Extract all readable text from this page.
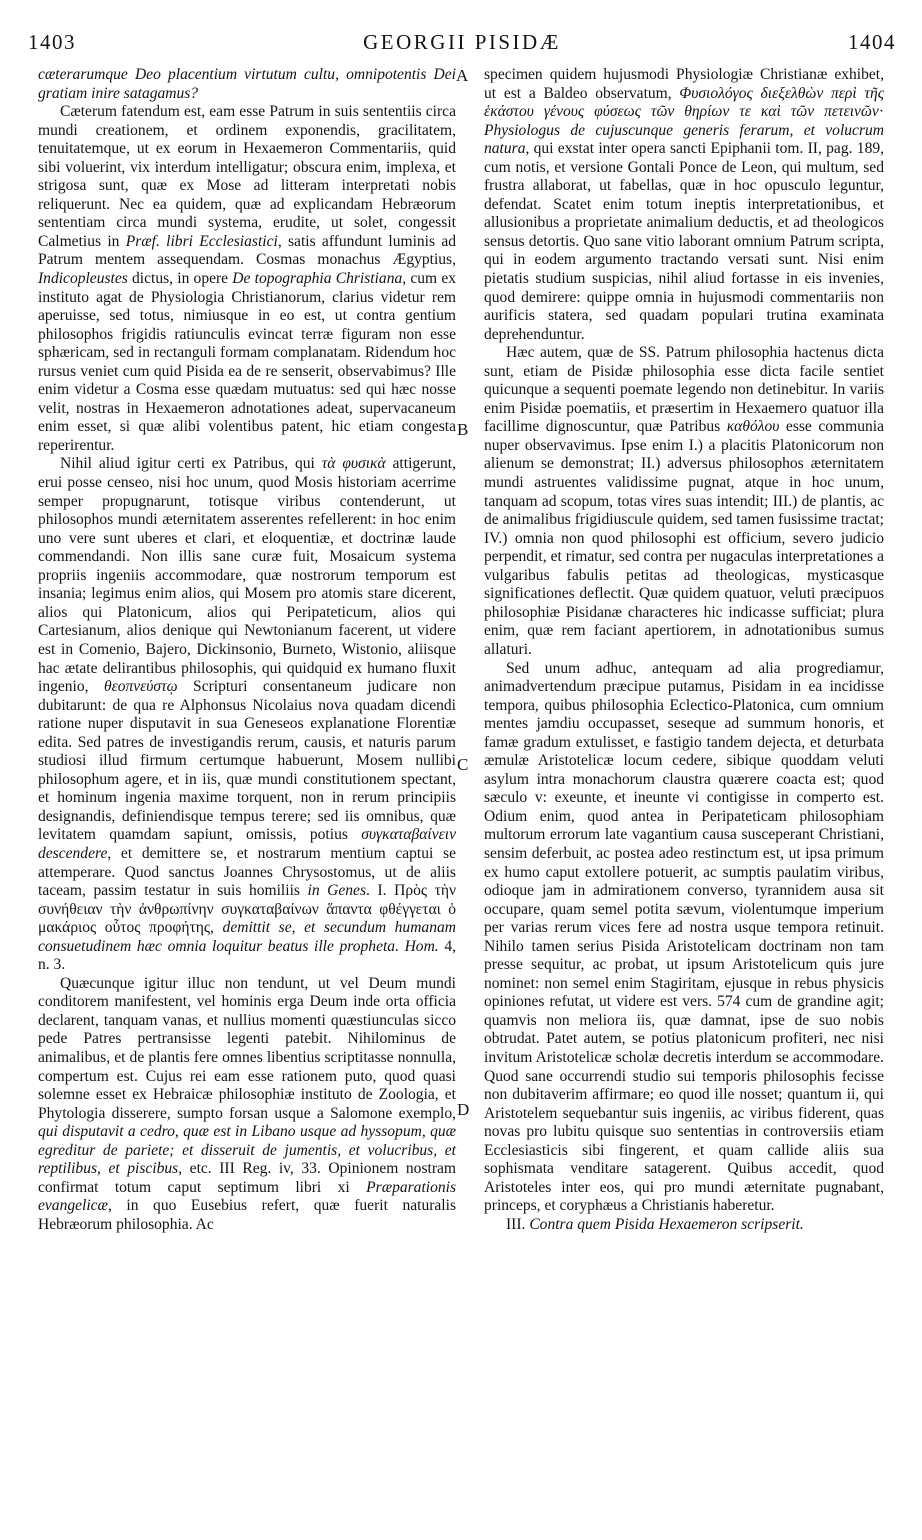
1403	GEORGII PISIDÆ	1404

cæterarumque Deo placentium virtutum cultu, omnipotentis Dei gratiam inire satagamus?

Cæterum fatendum est, eam esse Patrum in suis sententiis circa mundi creationem, et ordinem exponendis, gracilitatem, tenuitatemque, ut ex eorum in Hexaemeron Commentariis, quid sibi voluerint, vix interdum intelligatur; obscura enim, implexa, et strigosa sunt, quæ ex Mose ad litteram interpretati nobis reliquerunt. Nec ea quidem, quæ ad explicandam Hebræorum sententiam circa mundi systema, erudite, ut solet, congessit Calmetius in Præf. libri Ecclesiastici, satis affundunt luminis ad Patrum mentem assequendam. Cosmas monachus Ægyptius, Indicopleustes dictus, in opere De topographia Christiana, cum ex instituto agat de Physiologia Christianorum, clarius videtur rem aperuisse, sed totus, nimiusque in eo est, ut contra gentium philosophos frigidis ratiunculis evincat terræ figuram non esse sphæricam, sed in rectanguli formam complanatam. Ridendum hoc rursus veniet cum quid Pisida ea de re senserit, observabimus? Ille enim videtur a Cosma esse quædam mutuatus: sed qui hæc nosse velit, nostras in Hexaemeron adnotationes adeat, supervacaneum enim esset, si quæ alibi volentibus patent, hic etiam congesta reperirentur.

Nihil aliud igitur certi ex Patribus, qui τὰ φυσικὰ attigerunt, erui posse censeo, nisi hoc unum, quod Mosis historiam acerrime semper propugnarunt, totisque viribus contenderunt, ut philosophos mundi æternitatem asserentes refellerent: in hoc enim uno vere sunt uberes et clari, et eloquentiæ, et doctrinæ laude commendandi. Non illis sane curæ fuit, Mosaicum systema propriis ingeniis accommodare, quæ nostrorum temporum est insania; legimus enim alios, qui Mosem pro atomis stare dicerent, alios qui Platonicum, alios qui Peripateticum, alios qui Cartesianum, alios denique qui Newtonianum facerent, ut videre est in Comenio, Bajero, Dickinsonio, Burneto, Wistonio, aliisque hac ætate delirantibus philosophis, qui quidquid ex humano fluxit ingenio, θεοπνεύστῳ Scripturi consentaneum judicare non dubitarunt: de qua re Alphonsus Nicolaius nova quadam dicendi ratione nuper disputavit in sua Geneseos explanatione Florentiæ edita. Sed patres de investigandis rerum, causis, et naturis parum studiosi illud firmum certumque habuerunt, Mosem nullibi philosophum agere, et in iis, quæ mundi constitutionem spectant, et hominum ingenia maxime torquent, non in rerum principiis designandis, definiendisque tempus terere; sed iis omnibus, quæ levitatem quamdam sapiunt, omissis, potius συγκαταβαίνειν descendere, et demittere se, et nostrarum mentium captui se attemperare. Quod sanctus Joannes Chrysostomus, ut de aliis taceam, passim testatur in suis homiliis in Genes. I. Πρὸς τὴν συνήθειαν τὴν ἀνθρωπίνην συγκαταβαίνων ἅπαντα φθέγγεται ὁ μακάριος οὗτος προφήτης, demittit se, et secundum humanam consuetudinem hæc omnia loquitur beatus ille propheta. Hom. 4, n. 3.

Quæcunque igitur illuc non tendunt, ut vel Deum mundi conditorem manifestent, vel hominis erga Deum inde orta officia declarent, tanquam vanas, et nullius momenti quæstiunculas sicco pede Patres pertransisse legenti patebit. Nihilominus de animalibus, et de plantis fere omnes libentius scriptitasse nonnulla, compertum est. Cujus rei eam esse rationem puto, quod quasi solemne esset ex Hebraicæ philosophiæ instituto de Zoologia, et Phytologia disserere, sumpto forsan usque a Salomone exemplo, qui disputavit a cedro, quæ est in Libano usque ad hyssopum, quæ egreditur de pariete; et disseruit de jumentis, et volucribus, et reptilibus, et piscibus, etc. III Reg. iv, 33. Opinionem nostram confirmat totum caput septimum libri xi Præparationis evangelicæ, in quo Eusebius refert, quæ fuerit naturalis Hebræorum philosophia. Ac

A
B
C
D

specimen quidem hujusmodi Physiologiæ Christianæ exhibet, ut est a Baldeo observatum, Φυσιολόγος διεξελθὼν περὶ τῆς ἑκάστου γένους φύσεως τῶν θηρίων τε καὶ τῶν πετεινῶν· Physiologus de cujuscunque generis ferarum, et volucrum natura, qui exstat inter opera sancti Epiphanii tom. II, pag. 189, cum notis, et versione Gontali Ponce de Leon, qui multum, sed frustra allaborat, ut fabellas, quæ in hoc opusculo leguntur, defendat. Scatet enim totum ineptis interpretationibus, et allusionibus a proprietate animalium deductis, et ad theologicos sensus detortis. Quo sane vitio laborant omnium Patrum scripta, qui in eodem argumento tractando versati sunt. Nisi enim pietatis studium suspicias, nihil aliud fortasse in eis invenies, quod demirere: quippe omnia in hujusmodi commentariis non aurificis statera, sed quadam populari trutina examinata deprehenduntur.

Hæc autem, quæ de SS. Patrum philosophia hactenus dicta sunt, etiam de Pisidæ philosophia esse dicta facile sentiet quicunque a sequenti poemate legendo non detinebitur. In variis enim Pisidæ poematiis, et præsertim in Hexaemero quatuor illa facillime dignoscuntur, quæ Patribus καθόλου esse communia nuper observavimus. Ipse enim I.) a placitis Platonicorum non alienum se demonstrat; II.) adversus philosophos æternitatem mundi astruentes validissime pugnat, atque in hoc unum, tanquam ad scopum, totas vires suas intendit; III.) de plantis, ac de animalibus frigidiuscule quidem, sed tamen fusissime tractat; IV.) omnia non quod philosophi est officium, severo judicio perpendit, et rimatur, sed contra per nugaculas interpretationes a vulgaribus fabulis petitas ad theologicas, mysticasque significationes deflectit. Quæ quidem quatuor, veluti præcipuos philosophiæ Pisidanæ characteres hic indicasse sufficiat; plura enim, quæ rem faciant apertiorem, in adnotationibus sumus allaturi.

Sed unum adhuc, antequam ad alia progrediamur, animadvertendum præcipue putamus, Pisidam in ea incidisse tempora, quibus philosophia Eclectico-Platonica, cum omnium mentes jamdiu occupasset, seseque ad summum honoris, et famæ gradum extulisset, e fastigio tandem dejecta, et deturbata æmulæ Aristotelicæ locum cedere, sibique quoddam veluti asylum intra monachorum claustra quærere coacta est; quod sæculo v: exeunte, et ineunte vi contigisse in comperto est. Odium enim, quod antea in Peripateticam philosophiam multorum errorum late vagantium causa susceperant Christiani, sensim deferbuit, ac postea adeo restinctum est, ut ipsa primum ex humo caput extollere potuerit, ac sumptis paulatim viribus, odioque jam in admirationem converso, tyrannidem ausa sit occupare, quam semel potita sævum, violentumque imperium per varias rerum vices fere ad nostra usque tempora retinuit. Nihilo tamen serius Pisida Aristotelicam doctrinam non tam presse sequitur, ac probat, ut ipsum Aristotelicum quis jure nominet: non semel enim Stagiritam, ejusque in rebus physicis opiniones refutat, ut videre est vers. 574 cum de grandine agit; quamvis non meliora iis, quæ damnat, ipse de suo nobis obtrudat. Patet autem, se potius platonicum profiteri, nec nisi invitum Aristotelicæ scholæ decretis interdum se accommodare. Quod sane occurrendi studio sui temporis philosophis fecisse non dubitaverim affirmare; eo quod ille nosset; quantum ii, qui Aristotelem sequebantur suis ingeniis, ac viribus fiderent, quas novas pro lubitu quisque suo sententias in controversiis etiam Ecclesiasticis sibi fingerent, et quam callide aliis sua sophismata venditare satagerent. Quibus accedit, quod Aristoteles inter eos, qui pro mundi æternitate pugnabant, princeps, et coryphæus a Christianis haberetur.

III. Contra quem Pisida Hexaemeron scripserit.
